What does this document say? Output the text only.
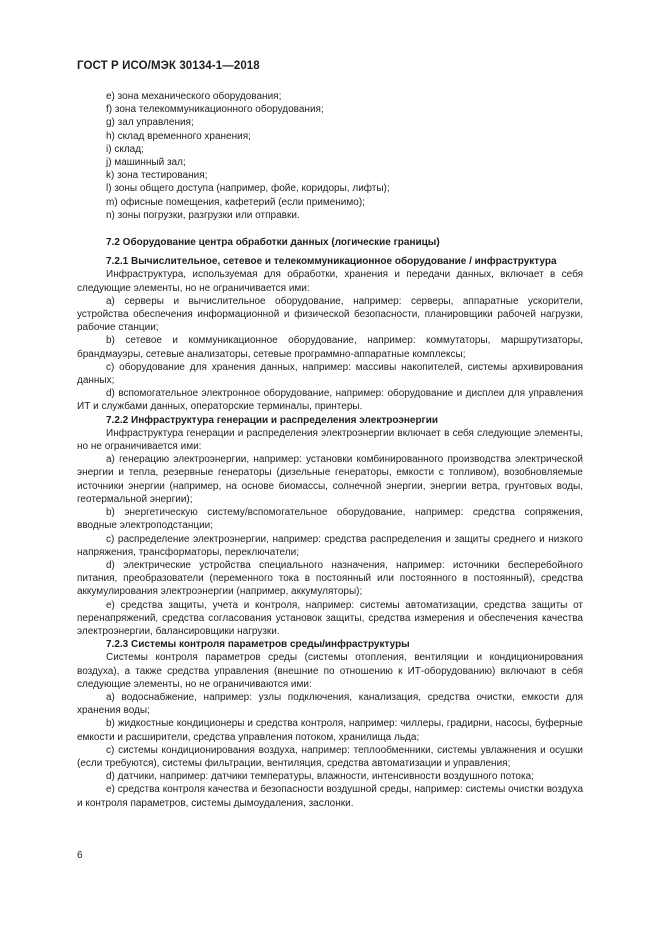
ГОСТ Р ИСО/МЭК 30134-1—2018
e) зона механического оборудования;
f) зона телекоммуникационного оборудования;
g) зал управления;
h) склад временного хранения;
i) склад;
j) машинный зал;
k) зона тестирования;
l) зоны общего доступа (например, фойе, коридоры, лифты);
m) офисные помещения, кафетерий (если применимо);
n) зоны погрузки, разгрузки или отправки.
7.2 Оборудование центра обработки данных (логические границы)
7.2.1 Вычислительное, сетевое и телекоммуникационное оборудование / инфраструктура
Инфраструктура, используемая для обработки, хранения и передачи данных, включает в себя следующие элементы, но не ограничивается ими:
a) серверы и вычислительное оборудование, например: серверы, аппаратные ускорители, устройства обеспечения информационной и физической безопасности, планировщики рабочей нагрузки, рабочие станции;
b) сетевое и коммуникационное оборудование, например: коммутаторы, маршрутизаторы, брандмауэры, сетевые анализаторы, сетевые программно-аппаратные комплексы;
c) оборудование для хранения данных, например: массивы накопителей, системы архивирования данных;
d) вспомогательное электронное оборудование, например: оборудование и дисплеи для управления ИТ и службами данных, операторские терминалы, принтеры.
7.2.2 Инфраструктура генерации и распределения электроэнергии
Инфраструктура генерации и распределения электроэнергии включает в себя следующие элементы, но не ограничивается ими:
a) генерацию электроэнергии, например: установки комбинированного производства электрической энергии и тепла, резервные генераторы (дизельные генераторы, емкости с топливом), возобновляемые источники энергии (например, на основе биомассы, солнечной энергии, энергии ветра, грунтовых воды, геотермальной энергии);
b) энергетическую систему/вспомогательное оборудование, например: средства сопряжения, вводные электроподстанции;
c) распределение электроэнергии, например: средства распределения и защиты среднего и низкого напряжения, трансформаторы, переключатели;
d) электрические устройства специального назначения, например: источники бесперебойного питания, преобразователи (переменного тока в постоянный или постоянного в постоянный), средства аккумулирования электроэнергии (например, аккумуляторы);
e) средства защиты, учета и контроля, например: системы автоматизации, средства защиты от перенапряжений, средства согласования установок защиты, средства измерения и обеспечения качества электроэнергии, балансировщики нагрузки.
7.2.3 Системы контроля параметров среды/инфраструктуры
Системы контроля параметров среды (системы отопления, вентиляции и кондиционирования воздуха), а также средства управления (внешние по отношению к ИТ-оборудованию) включают в себя следующие элементы, но не ограничиваются ими:
a) водоснабжение, например: узлы подключения, канализация, средства очистки, емкости для хранения воды;
b) жидкостные кондиционеры и средства контроля, например: чиллеры, градирни, насосы, буферные емкости и расширители, средства управления потоком, хранилища льда;
c) системы кондиционирования воздуха, например: теплообменники, системы увлажнения и осушки (если требуются), системы фильтрации, вентиляция, средства автоматизации и управления;
d) датчики, например: датчики температуры, влажности, интенсивности воздушного потока;
e) средства контроля качества и безопасности воздушной среды, например: системы очистки воздуха и контроля параметров, системы дымоудаления, заслонки.
6
